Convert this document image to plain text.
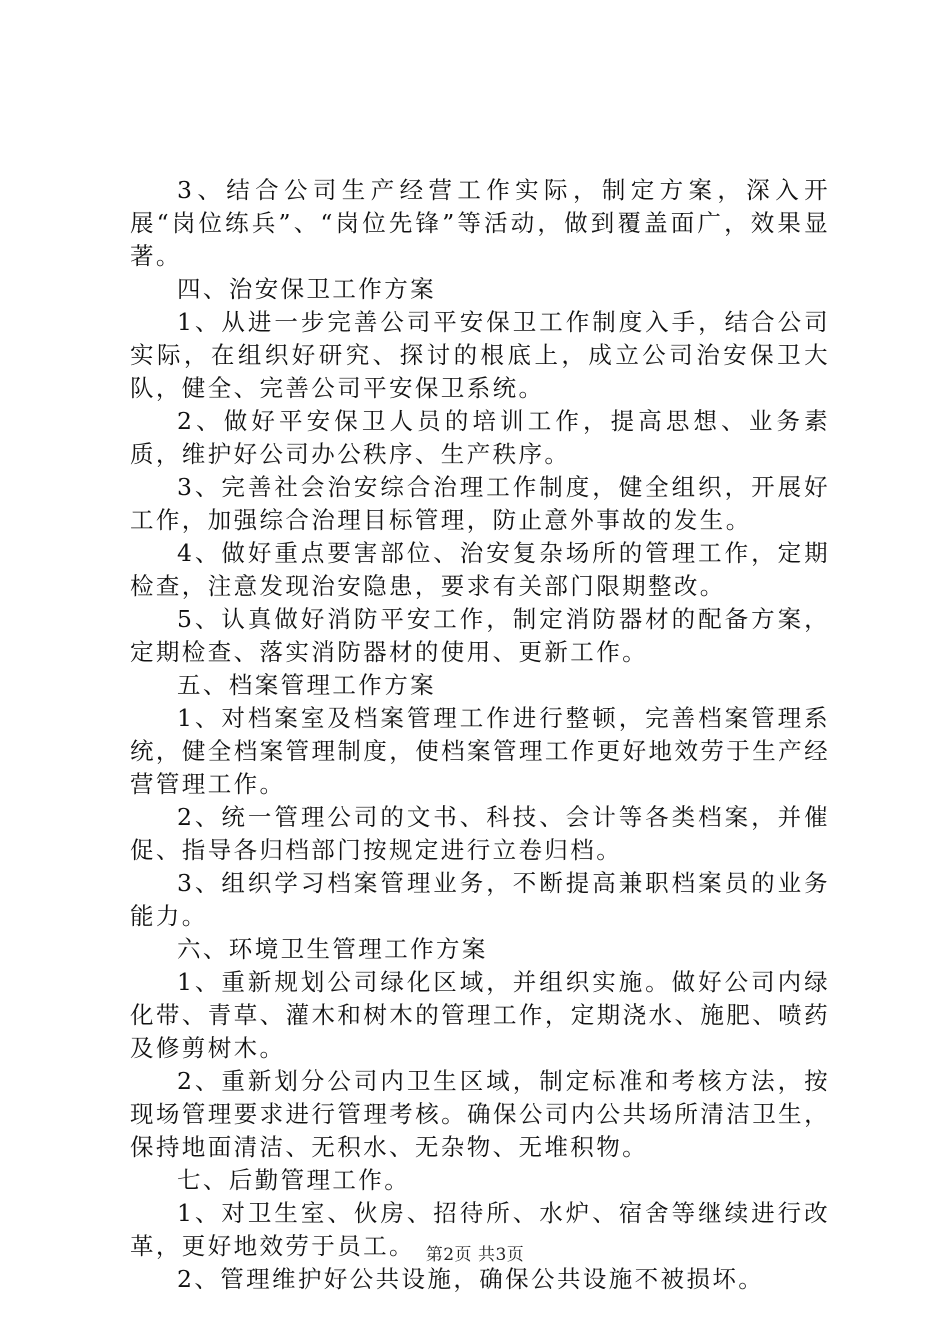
3、结合公司生产经营工作实际，制定方案，深入开展“岗位练兵”、“岗位先锋”等活动，做到覆盖面广，效果显著。

四、治安保卫工作方案

1、从进一步完善公司平安保卫工作制度入手，结合公司实际，在组织好研究、探讨的根底上，成立公司治安保卫大队，健全、完善公司平安保卫系统。

2、做好平安保卫人员的培训工作，提高思想、业务素质，维护好公司办公秩序、生产秩序。

3、完善社会治安综合治理工作制度，健全组织，开展好工作，加强综合治理目标管理，防止意外事故的发生。

4、做好重点要害部位、治安复杂场所的管理工作，定期检查，注意发现治安隐患，要求有关部门限期整改。

5、认真做好消防平安工作，制定消防器材的配备方案，定期检查、落实消防器材的使用、更新工作。

五、档案管理工作方案

1、对档案室及档案管理工作进行整顿，完善档案管理系统，健全档案管理制度，使档案管理工作更好地效劳于生产经营管理工作。

2、统一管理公司的文书、科技、会计等各类档案，并催促、指导各归档部门按规定进行立卷归档。

3、组织学习档案管理业务，不断提高兼职档案员的业务能力。

六、环境卫生管理工作方案

1、重新规划公司绿化区域，并组织实施。做好公司内绿化带、青草、灌木和树木的管理工作，定期浇水、施肥、喷药及修剪树木。

2、重新划分公司内卫生区域，制定标准和考核方法，按现场管理要求进行管理考核。确保公司内公共场所清洁卫生，保持地面清洁、无积水、无杂物、无堆积物。

七、后勤管理工作。

1、对卫生室、伙房、招待所、水炉、宿舍等继续进行改革，更好地效劳于员工。

2、管理维护好公共设施，确保公共设施不被损坏。

第2页 共3页
